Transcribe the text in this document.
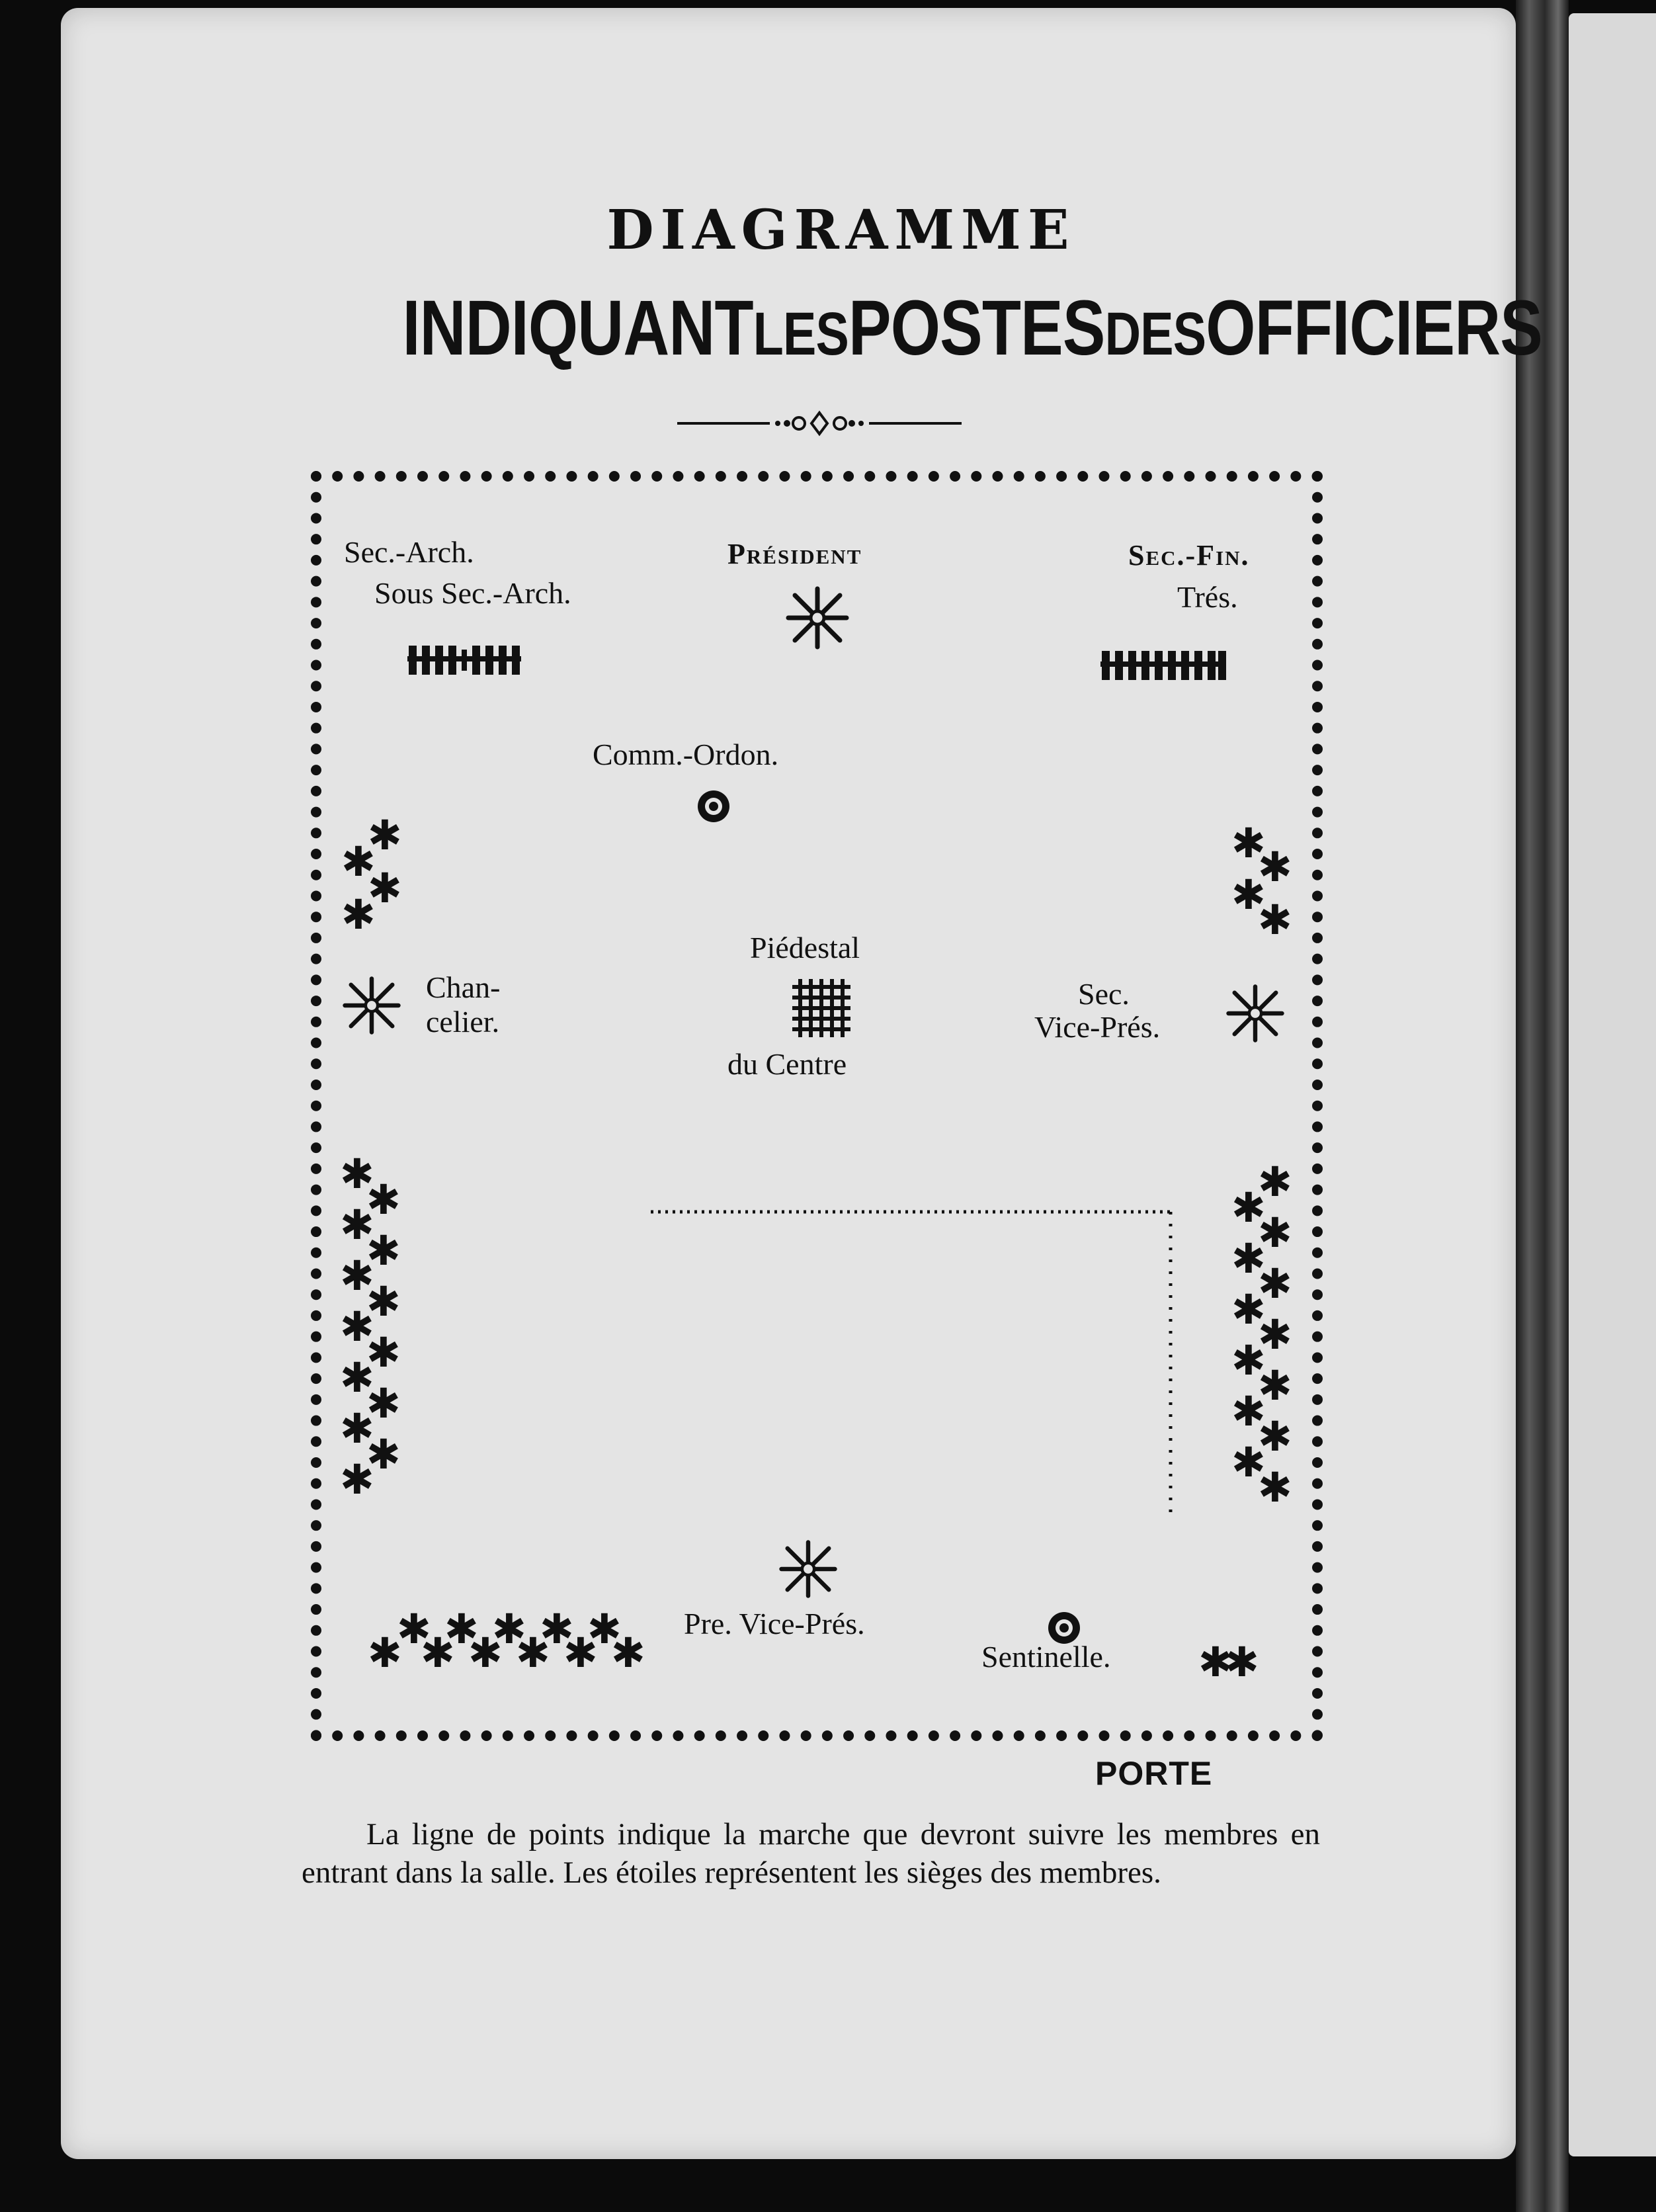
DIAGRAMME
INDIQUANTLESPOSTESDESOFFICIERS
Sec.-Arch.
Sous Sec.-Arch.
Président	Sec.-Fin.
Trés.
Comm.-Ordon.
Piédestal
du Centre
Chan-
celier.
Sec.
Vice-Prés.
Pre. Vice-Prés.
Sentinelle.
✱
✱
✱
✱
✱
✱
✱
✱
✱
✱
✱
✱
✱
✱
✱
✱
✱
✱
✱
✱
✱
✱ ✱ ✱ ✱ ✱
✱ ✱ ✱ ✱ ✱ ✱
✱
✱
✱
✱
✱
✱
✱
✱
✱
✱
✱
✱
✱
✱
✱
PORTE
La ligne de points indique la marche que devront suivre les membres en entrant dans la salle. Les étoiles représentent les sièges des membres.
